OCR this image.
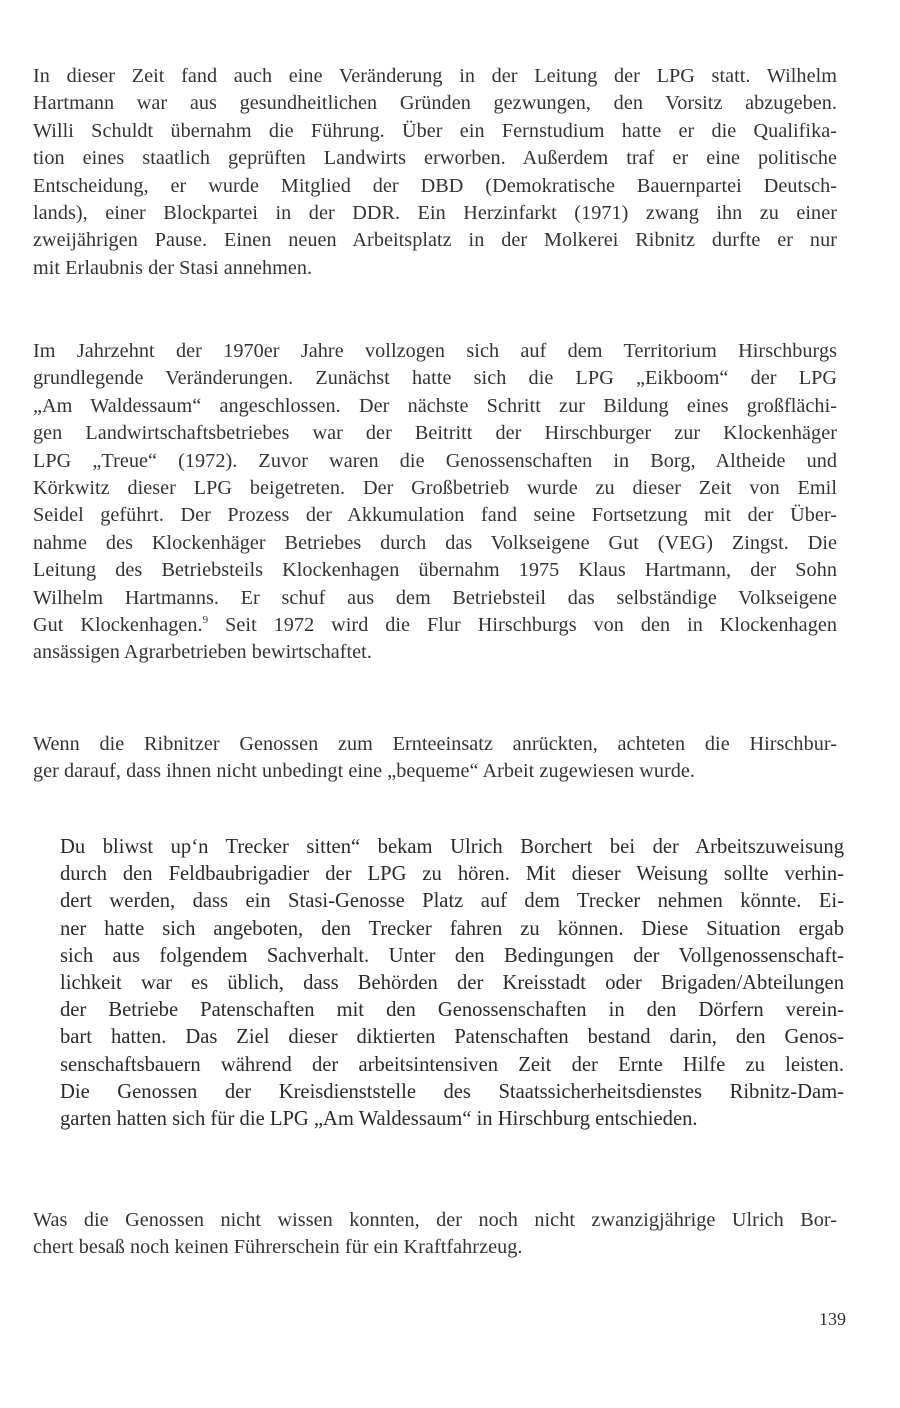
In dieser Zeit fand auch eine Veränderung in der Leitung der LPG statt. Wilhelm
Hartmann war aus gesundheitlichen Gründen gezwungen, den Vorsitz abzugeben.
Willi Schuldt übernahm die Führung. Über ein Fernstudium hatte er die Qualifika-
tion eines staatlich geprüften Landwirts erworben. Außerdem traf er eine politische
Entscheidung, er wurde Mitglied der DBD (Demokratische Bauernpartei Deutsch-
lands), einer Blockpartei in der DDR. Ein Herzinfarkt (1971) zwang ihn zu einer
zweijährigen Pause. Einen neuen Arbeitsplatz in der Molkerei Ribnitz durfte er nur
mit Erlaubnis der Stasi annehmen.
Im Jahrzehnt der 1970er Jahre vollzogen sich auf dem Territorium Hirschburgs
grundlegende Veränderungen. Zunächst hatte sich die LPG „Eikboom“ der LPG
„Am Waldessaum“ angeschlossen. Der nächste Schritt zur Bildung eines großflächi-
gen Landwirtschaftsbetriebes war der Beitritt der Hirschburger zur Klockenhäger
LPG „Treue“ (1972). Zuvor waren die Genossenschaften in Borg, Altheide und
Körkwitz dieser LPG beigetreten. Der Großbetrieb wurde zu dieser Zeit von Emil
Seidel geführt. Der Prozess der Akkumulation fand seine Fortsetzung mit der Über-
nahme des Klockenhäger Betriebes durch das Volkseigene Gut (VEG) Zingst. Die
Leitung des Betriebsteils Klockenhagen übernahm 1975 Klaus Hartmann, der Sohn
Wilhelm Hartmanns. Er schuf aus dem Betriebsteil das selbständige Volkseigene
Gut Klockenhagen.$^9$ Seit 1972 wird die Flur Hirschburgs von den in Klockenhagen
ansässigen Agrarbetrieben bewirtschaftet.
Wenn die Ribnitzer Genossen zum Ernteeinsatz anrückten, achteten die Hirschbur-
ger darauf, dass ihnen nicht unbedingt eine „bequeme“ Arbeit zugewiesen wurde.
Du bliwst up‘n Trecker sitten“ bekam Ulrich Borchert bei der Arbeitszuweisung
durch den Feldbaubrigadier der LPG zu hören. Mit dieser Weisung sollte verhin-
dert werden, dass ein Stasi-Genosse Platz auf dem Trecker nehmen könnte. Ei-
ner hatte sich angeboten, den Trecker fahren zu können. Diese Situation ergab
sich aus folgendem Sachverhalt. Unter den Bedingungen der Vollgenossenschaft-
lichkeit war es üblich, dass Behörden der Kreisstadt oder Brigaden/Abteilungen
der Betriebe Patenschaften mit den Genossenschaften in den Dörfern verein-
bart hatten. Das Ziel dieser diktierten Patenschaften bestand darin, den Genos-
senschaftsbauern während der arbeitsintensiven Zeit der Ernte Hilfe zu leisten.
Die Genossen der Kreisdienststelle des Staatssicherheitsdienstes Ribnitz-Dam-
garten hatten sich für die LPG „Am Waldessaum“ in Hirschburg entschieden.
Was die Genossen nicht wissen konnten, der noch nicht zwanzigjährige Ulrich Bor-
chert besaß noch keinen Führerschein für ein Kraftfahrzeug.
139
